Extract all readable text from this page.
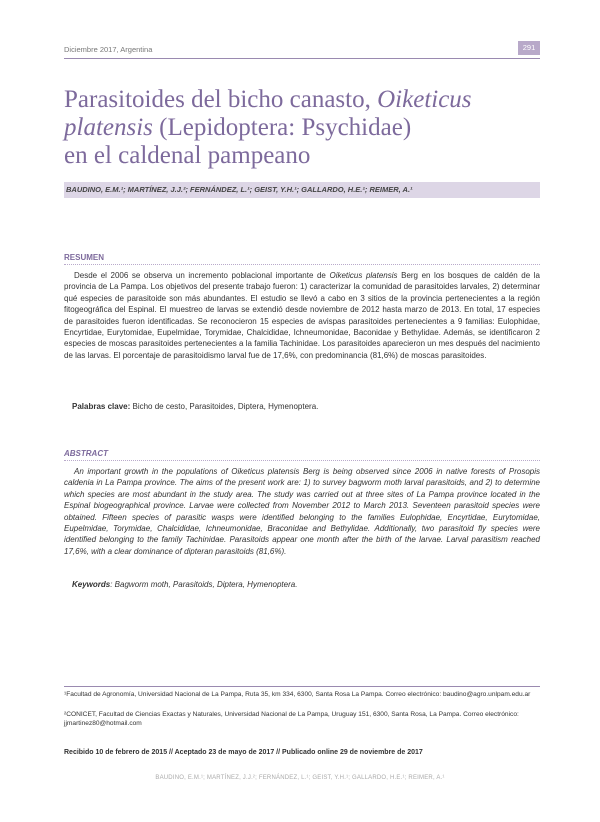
Diciembre 2017, Argentina	291
Parasitoides del bicho canasto, Oiketicus platensis (Lepidoptera: Psychidae)
en el caldenal pampeano
BAUDINO, E.M.¹; MARTÍNEZ, J.J.²; FERNÁNDEZ, L.¹; GEIST, Y.H.¹; GALLARDO, H.E.¹; REIMER, A.¹
RESUMEN

Desde el 2006 se observa un incremento poblacional importante de Oiketicus platensis Berg en los bosques de caldén de la provincia de La Pampa. Los objetivos del presente trabajo fueron: 1) caracterizar la comunidad de parasitoides larvales, 2) determinar qué especies de parasitoide son más abundantes. El estudio se llevó a cabo en 3 sitios de la provincia pertenecientes a la región fitogeográfica del Espinal. El muestreo de larvas se extendió desde noviembre de 2012 hasta marzo de 2013. En total, 17 especies de parasitoides fueron identificadas. Se reconocieron 15 especies de avispas parasitoides pertenecientes a 9 familias: Eulophidae, Encyrtidae, Eurytomidae, Eupelmidae, Torymidae, Chalcididae, Ichneumonidae, Baconidae y Bethylidae. Además, se identificaron 2 especies de moscas parasitoides pertenecientes a la familia Tachinidae. Los parasitoides aparecieron un mes después del nacimiento de las larvas. El porcentaje de parasitoidismo larval fue de 17,6%, con predominancia (81,6%) de moscas parasitoides.

Palabras clave: Bicho de cesto, Parasitoides, Diptera, Hymenoptera.
ABSTRACT

An important growth in the populations of Oiketicus platensis Berg is being observed since 2006 in native forests of Prosopis caldenia in La Pampa province. The aims of the present work are: 1) to survey bagworm moth larval parasitoids, and 2) to determine which species are most abundant in the study area. The study was carried out at three sites of La Pampa province located in the Espinal biogeographical province. Larvae were collected from November 2012 to March 2013. Seventeen parasitoid species were obtained. Fifteen species of parasitic wasps were identified belonging to the families Eulophidae, Encyrtidae, Eurytomidae, Eupelmidae, Torymidae, Chalcididae, Ichneumonidae, Braconidae and Bethylidae. Additionally, two parasitoid fly species were identified belonging to the family Tachinidae. Parasitoids appear one month after the birth of the larvae. Larval parasitism reached 17,6%, with a clear dominance of dipteran parasitoids (81,6%).

Keywords: Bagworm moth, Parasitoids, Diptera, Hymenoptera.

¹Facultad de Agronomía, Universidad Nacional de La Pampa, Ruta 35, km 334, 6300, Santa Rosa La Pampa. Correo electrónico: baudino@agro.unlpam.edu.ar

²CONICET, Facultad de Ciencias Exactas y Naturales, Universidad Nacional de La Pampa, Uruguay 151, 6300, Santa Rosa, La Pampa. Correo electrónico: jjmartinez80@hotmail.com

Recibido 10 de febrero de 2015 // Aceptado 23 de mayo de 2017 // Publicado online 29 de noviembre de 2017
BAUDINO, E.M.¹; MARTÍNEZ, J.J.²; FERNÁNDEZ, L.¹; GEIST, Y.H.¹; GALLARDO, H.E.¹; REIMER, A.¹
